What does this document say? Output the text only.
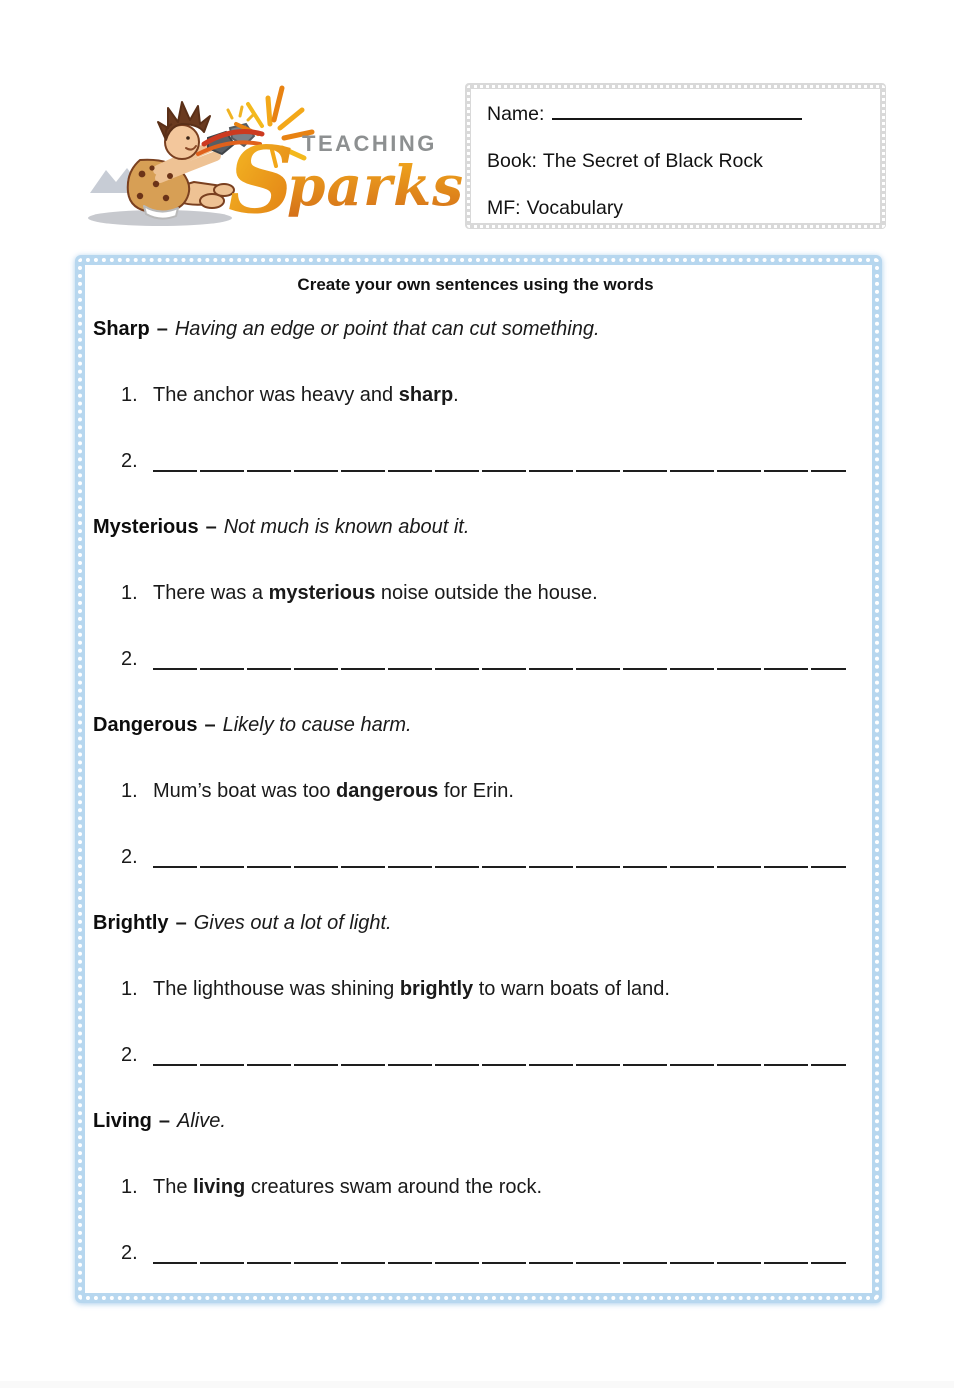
TEACHING
S
parks
Name:
Book: The Secret of Black Rock
MF: Vocabulary
Create your own sentences using the words

Sharp – Having an edge or point that can cut something.

1. The anchor was heavy and sharp.

2.

Mysterious – Not much is known about it.

1. There was a mysterious noise outside the house.

2.

Dangerous – Likely to cause harm.

1. Mum’s boat was too dangerous for Erin.

2.

Brightly – Gives out a lot of light.

1. The lighthouse was shining brightly to warn boats of land.

2.

Living – Alive.

1. The living creatures swam around the rock.

2.
